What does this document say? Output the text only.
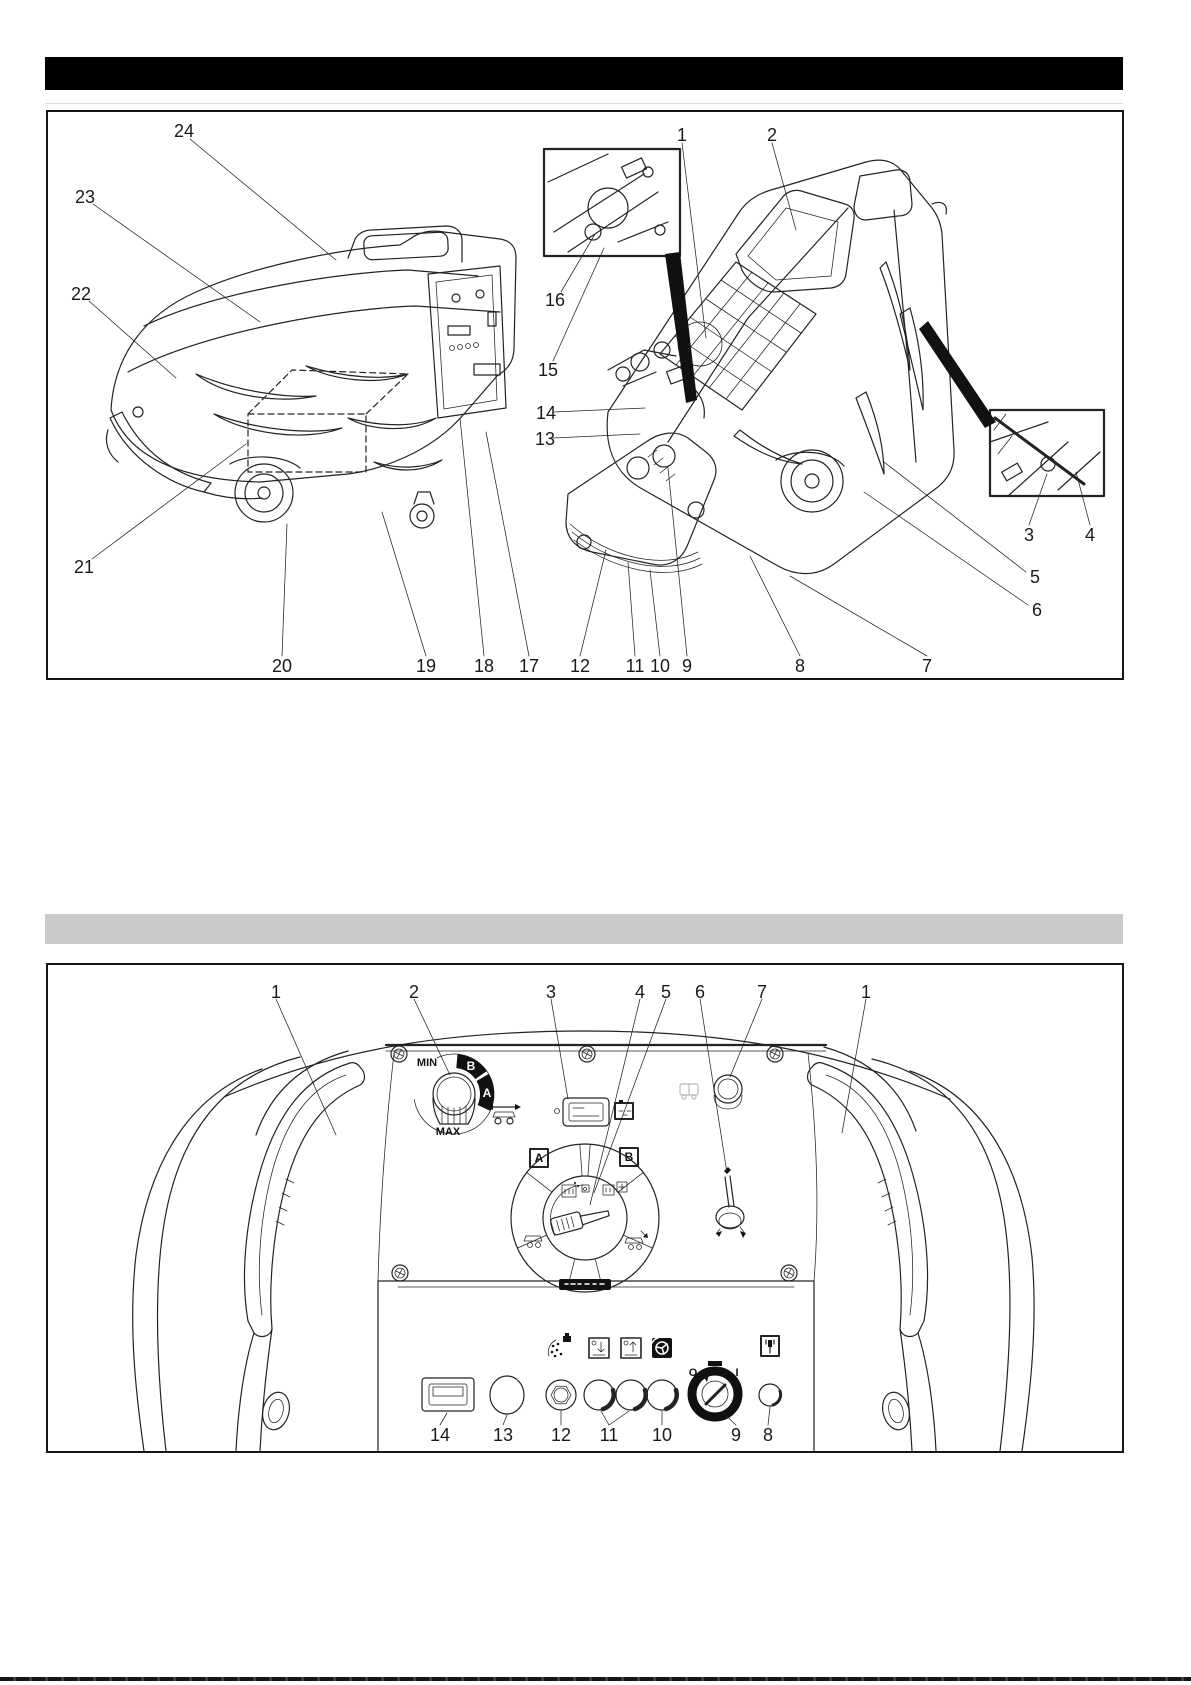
24
23
22
21
20	19 18 17 12 11 10 9	8	7
16
15
14
13
1	2
3	4
5
6
B
A
MIN
MAX
A	B
O	I
1	2	3	4 5 6	7	1
14 13 12 11 10	9 8
